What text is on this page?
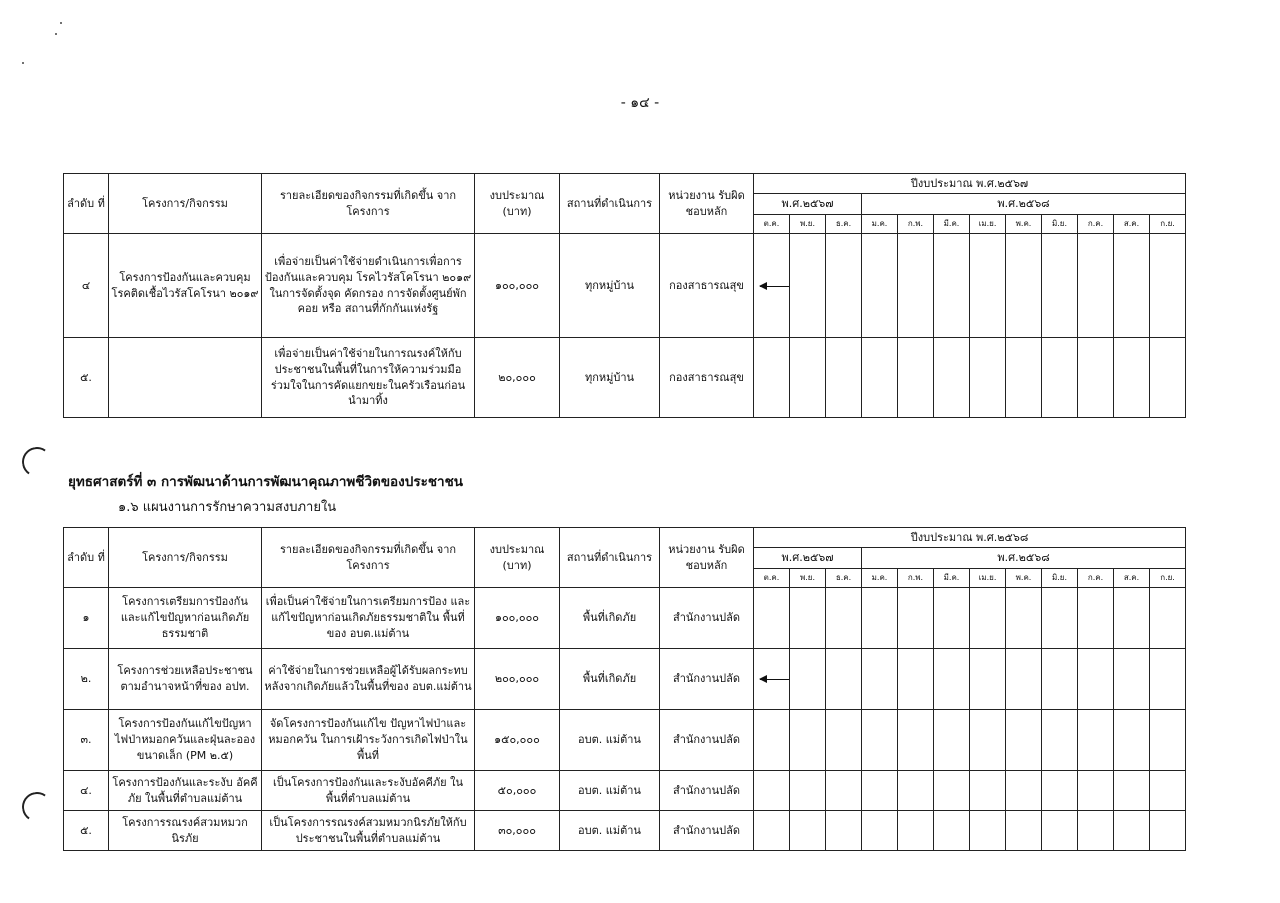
- ๑๔ -
ลำดับ ที่	โครงการ/กิจกรรม	รายละเอียดของกิจกรรมที่เกิดขึ้น จากโครงการ	งบประมาณ (บาท)	สถานที่ดำเนินการ	หน่วยงาน รับผิดชอบหลัก	ปีงบประมาณ พ.ศ.๒๕๖๗											
						พ.ศ.๒๕๖๗			พ.ศ.๒๕๖๘								
						ต.ค.	พ.ย.	ธ.ค.	ม.ค.	ก.พ.	มี.ค.	เม.ย.	พ.ค.	มิ.ย.	ก.ค.	ส.ค.	ก.ย.
๔	โครงการป้องกันและควบคุม โรคติดเชื้อไวรัสโคโรนา ๒๐๑๙	เพื่อจ่ายเป็นค่าใช้จ่ายดำเนินการเพื่อการ ป้องกันและควบคุม โรคไวรัสโคโรนา ๒๐๑๙ ในการจัดตั้งจุด คัดกรอง การจัดตั้งศูนย์พักคอย หรือ สถานที่กักกันแห่งรัฐ	๑๐๐,๐๐๐	ทุกหมู่บ้าน	กองสาธารณสุข	

๕.		เพื่อจ่ายเป็นค่าใช้จ่ายในการณรงค์ให้กับ ประชาชนในพื้นที่ในการให้ความร่วมมือ ร่วมใจในการคัดแยกขยะในครัวเรือนก่อน นำมาทิ้ง	๒๐,๐๐๐	ทุกหมู่บ้าน	กองสาธารณสุข	

ยุทธศาสตร์ที่ ๓ การพัฒนาด้านการพัฒนาคุณภาพชีวิตของประชาชน
๑.๖ แผนงานการรักษาความสงบภายใน
ลำดับ ที่	โครงการ/กิจกรรม	รายละเอียดของกิจกรรมที่เกิดขึ้น จากโครงการ	งบประมาณ (บาท)	สถานที่ดำเนินการ	หน่วยงาน รับผิดชอบหลัก	ปีงบประมาณ พ.ศ.๒๕๖๘											
						พ.ศ.๒๕๖๗			พ.ศ.๒๕๖๘								
						ต.ค.	พ.ย.	ธ.ค.	ม.ค.	ก.พ.	มี.ค.	เม.ย.	พ.ค.	มิ.ย.	ก.ค.	ส.ค.	ก.ย.
๑	โครงการเตรียมการป้องกัน และแก้ไขปัญหาก่อนเกิดภัย ธรรมชาติ	เพื่อเป็นค่าใช้จ่ายในการเตรียมการป้อง และแก้ไขปัญหาก่อนเกิดภัยธรรมชาติใน พื้นที่ ของ อบต.แม่ต้าน	๑๐๐,๐๐๐	พื้นที่เกิดภัย	สำนักงานปลัด	

๒.	โครงการช่วยเหลือประชาชน ตามอำนาจหน้าที่ของ อปท.	ค่าใช้จ่ายในการช่วยเหลือผู้ได้รับผลกระทบ หลังจากเกิดภัยแล้วในพื้นที่ของ อบต.แม่ต้าน	๒๐๐,๐๐๐	พื้นที่เกิดภัย	สำนักงานปลัด	

๓.	โครงการป้องกันแก้ไขปัญหา ไฟป่าหมอกควันและฝุ่นละออง ขนาดเล็ก (PM ๒.๕)	จัดโครงการป้องกันแก้ไข ปัญหาไฟป่าและ หมอกควัน ในการเฝ้าระวังการเกิดไฟป่าใน พื้นที่	๑๕๐,๐๐๐	อบต. แม่ต้าน	สำนักงานปลัด	

๔.	โครงการป้องกันและระงับ อัคคีภัย ในพื้นที่ตำบลแม่ต้าน	เป็นโครงการป้องกันและระงับอัคคีภัย ในพื้นที่ตำบลแม่ต้าน	๕๐,๐๐๐	อบต. แม่ต้าน	สำนักงานปลัด	

๕.	โครงการรณรงค์สวมหมวก นิรภัย	เป็นโครงการรณรงค์สวมหมวกนิรภัยให้กับ ประชาชนในพื้นที่ตำบลแม่ต้าน	๓๐,๐๐๐	อบต. แม่ต้าน	สำนักงานปลัด	
